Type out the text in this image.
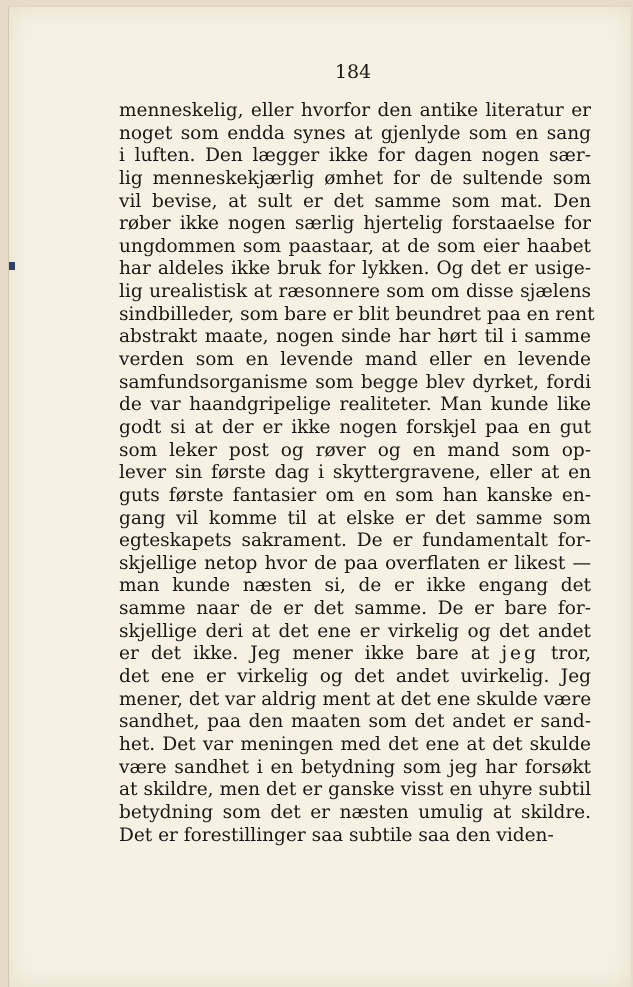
184
menneskelig, eller hvorfor den antike literatur er
noget som endda synes at gjenlyde som en sang
i luften. Den lægger ikke for dagen nogen sær-
lig menneskekjærlig ømhet for de sultende som
vil bevise, at sult er det samme som mat. Den
røber ikke nogen særlig hjertelig forstaaelse for
ungdommen som paastaar, at de som eier haabet
har aldeles ikke bruk for lykken. Og det er usige-
lig urealistisk at ræsonnere som om disse sjælens
sindbilleder, som bare er blit beundret paa en rent
abstrakt maate, nogen sinde har hørt til i samme
verden som en levende mand eller en levende
samfundsorganisme som begge blev dyrket, fordi
de var haandgripelige realiteter. Man kunde like
godt si at der er ikke nogen forskjel paa en gut
som leker post og røver og en mand som op-
lever sin første dag i skyttergravene, eller at en
guts første fantasier om en som han kanske en-
gang vil komme til at elske er det samme som
egteskapets sakrament. De er fundamentalt for-
skjellige netop hvor de paa overflaten er likest —
man kunde næsten si, de er ikke engang det
samme naar de er det samme. De er bare for-
skjellige deri at det ene er virkelig og det andet
er det ikke. Jeg mener ikke bare at jeg tror,
det ene er virkelig og det andet uvirkelig. Jeg
mener, det var aldrig ment at det ene skulde være
sandhet, paa den maaten som det andet er sand-
het. Det var meningen med det ene at det skulde
være sandhet i en betydning som jeg har forsøkt
at skildre, men det er ganske visst en uhyre subtil
betydning som det er næsten umulig at skildre.
Det er forestillinger saa subtile saa den viden-
